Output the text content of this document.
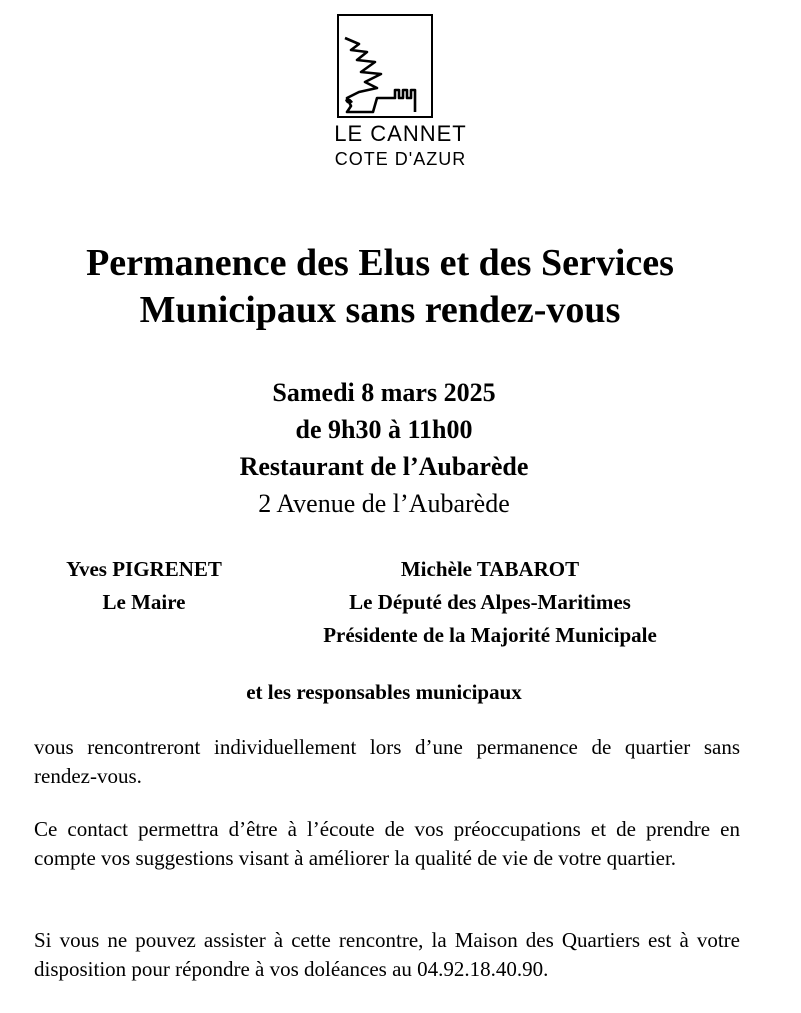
LE CANNET
COTE D'AZUR
Permanence des Elus et des Services
Municipaux sans rendez-vous
Samedi 8 mars 2025
de 9h30 à 11h00
Restaurant de l’Aubarède
2 Avenue de l’Aubarède
Yves PIGRENET
Le Maire
Michèle TABAROT
Le Député des Alpes-Maritimes
Présidente de la Majorité Municipale
et les responsables municipaux
vous rencontreront individuellement lors d’une permanence de quartier sans rendez-vous.
Ce contact permettra d’être à l’écoute de vos préoccupations et de prendre en compte vos suggestions visant à améliorer la qualité de vie de votre quartier.
Si vous ne pouvez assister à cette rencontre, la Maison des Quartiers est à votre disposition pour répondre à vos doléances au 04.92.18.40.90.
